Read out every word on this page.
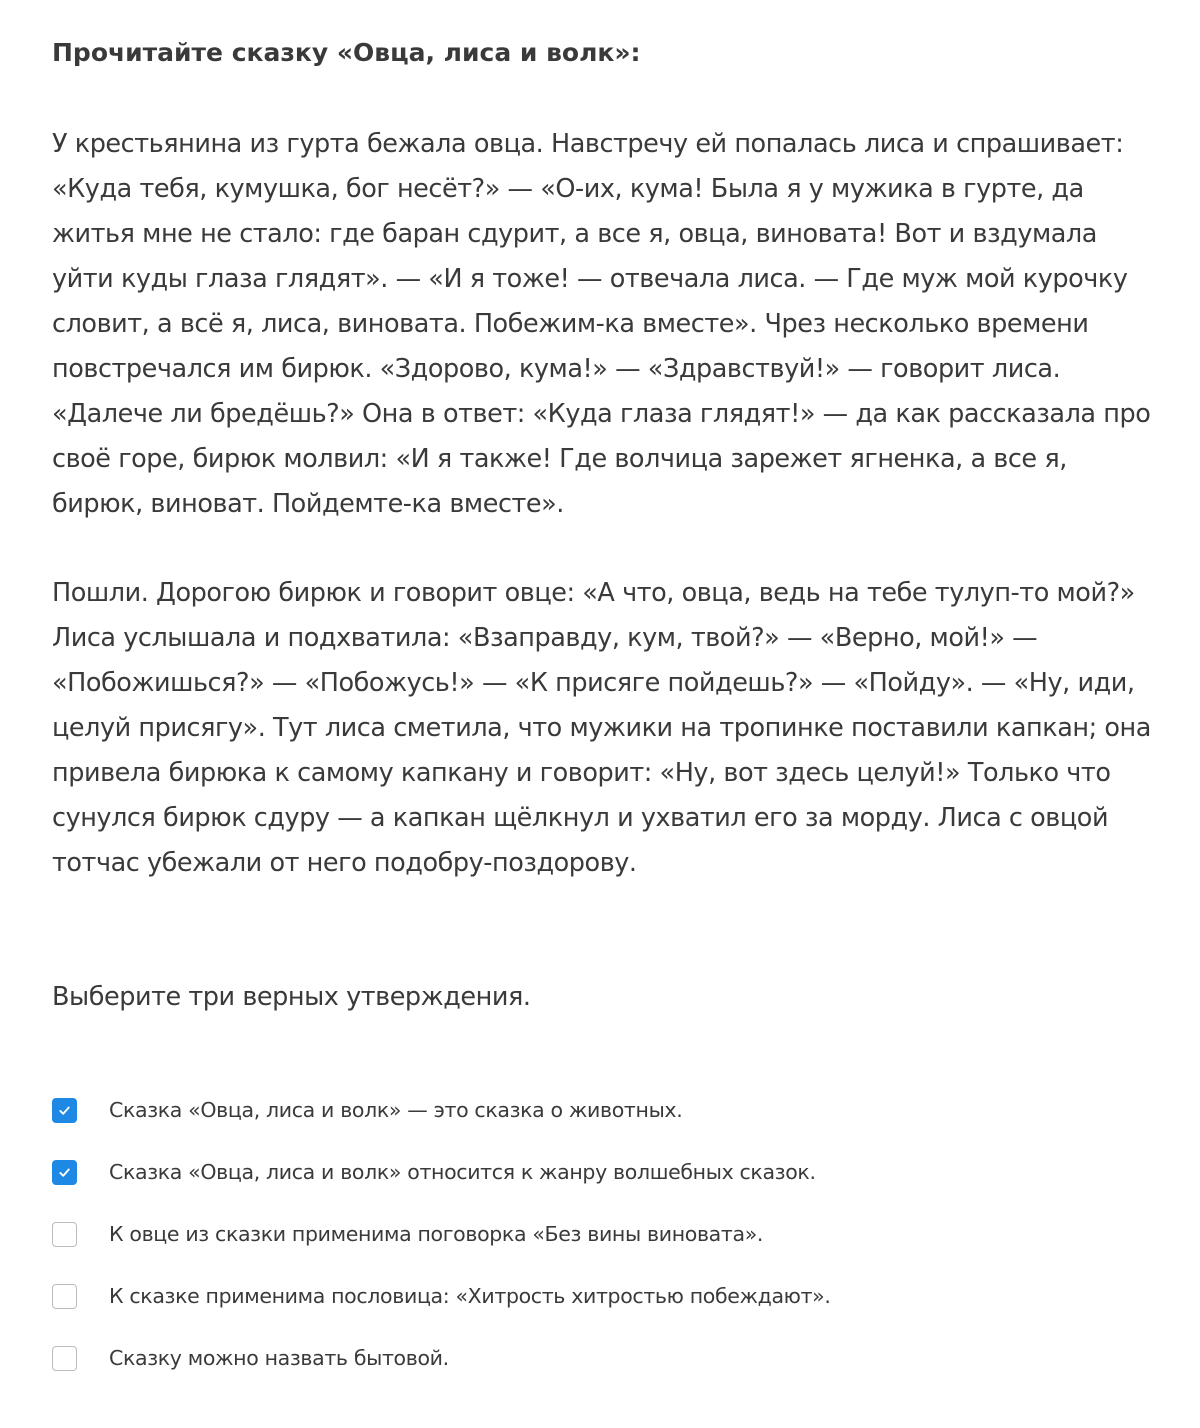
Прочитайте сказку «Овца, лиса и волк»:

У крестьянина из гурта бежала овца. Навстречу ей попалась лиса и спрашивает: «Куда тебя, кумушка, бог несёт?» — «О-их, кума! Была я у мужика в гурте, да житья мне не стало: где баран сдурит, а все я, овца, виновата! Вот и вздумала уйти куды глаза глядят». — «И я тоже! — отвечала лиса. — Где муж мой курочку словит, а всё я, лиса, виновата. Побежим-ка вместе». Чрез несколько времени повстречался им бирюк. «Здорово, кума!» — «Здравствуй!» — говорит лиса. «Далече ли бредёшь?» Она в ответ: «Куда глаза глядят!» — да как рассказала про своё горе, бирюк молвил: «И я также! Где волчица зарежет ягненка, а все я, бирюк, виноват. Пойдемте-ка вместе».

Пошли. Дорогою бирюк и говорит овце: «А что, овца, ведь на тебе тулуп-то мой?» Лиса услышала и подхватила: «Взаправду, кум, твой?» — «Верно, мой!» — «Побожишься?» — «Побожусь!» — «К присяге пойдешь?» — «Пойду». — «Ну, иди, целуй присягу». Тут лиса сметила, что мужики на тропинке поставили капкан; она привела бирюка к самому капкану и говорит: «Ну, вот здесь целуй!» Только что сунулся бирюк сдуру — а капкан щёлкнул и ухватил его за морду. Лиса с овцой тотчас убежали от него подобру-поздорову.

Выберите три верных утверждения.

Сказка «Овца, лиса и волк» — это сказка о животных.
Сказка «Овца, лиса и волк» относится к жанру волшебных сказок.
К овце из сказки применима поговорка «Без вины виновата».
К сказке применима пословица: «Хитрость хитростью побеждают».
Сказку можно назвать бытовой.
